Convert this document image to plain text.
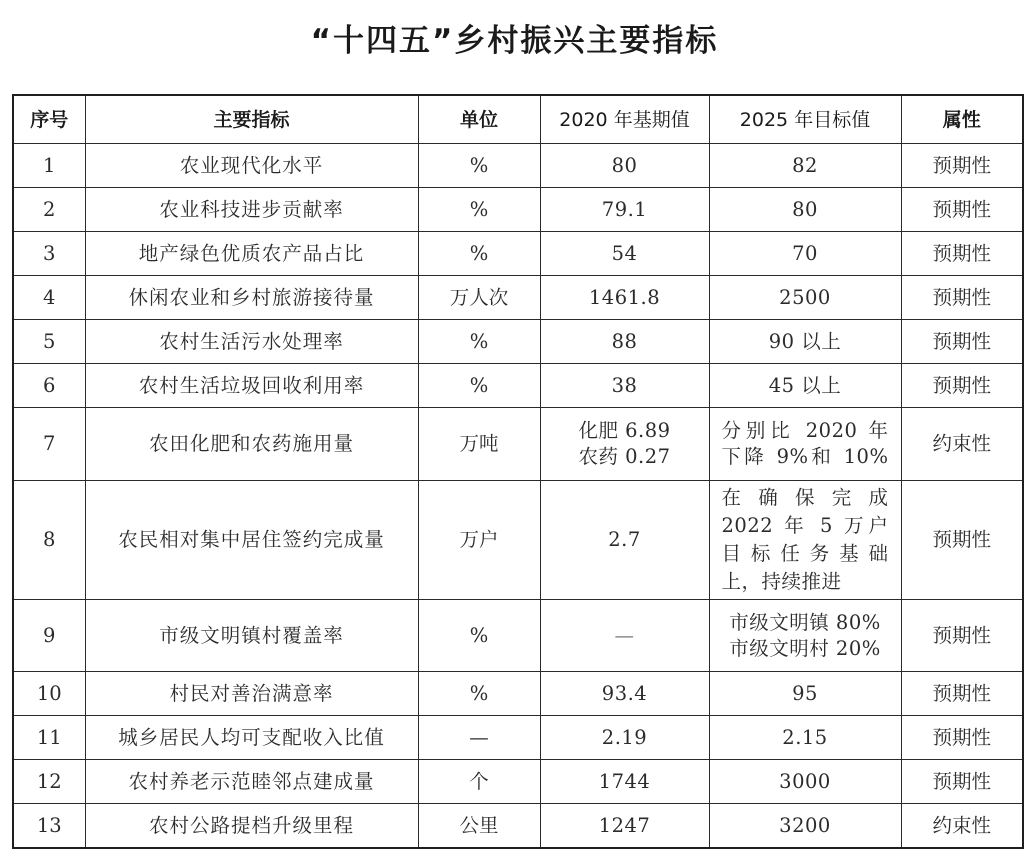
“十四五”乡村振兴主要指标
序号	主要指标	单位	2020 年基期值	2025 年目标值	属性
1	农业现代化水平	%	80	82	预期性
2	农业科技进步贡献率	%	79.1	80	预期性
3	地产绿色优质农产品占比	%	54	70	预期性
4	休闲农业和乡村旅游接待量	万人次	1461.8	2500	预期性
5	农村生活污水处理率	%	88	90 以上	预期性
6	农村生活垃圾回收利用率	%	38	45 以上	预期性
7	农田化肥和农药施用量	万吨	化肥 6.89
农药 0.27	分别比 2020 年
下降 9%和 10%	约束性
8	农民相对集中居住签约完成量	万户	2.7	在确保完成
2022 年 5 万户
目标任务基础
上，持续推进	预期性
9	市级文明镇村覆盖率	%	—	市级文明镇 80%
市级文明村 20%	预期性
10	村民对善治满意率	%	93.4	95	预期性
11	城乡居民人均可支配收入比值	—	2.19	2.15	预期性
12	农村养老示范睦邻点建成量	个	1744	3000	预期性
13	农村公路提档升级里程	公里	1247	3200	约束性
